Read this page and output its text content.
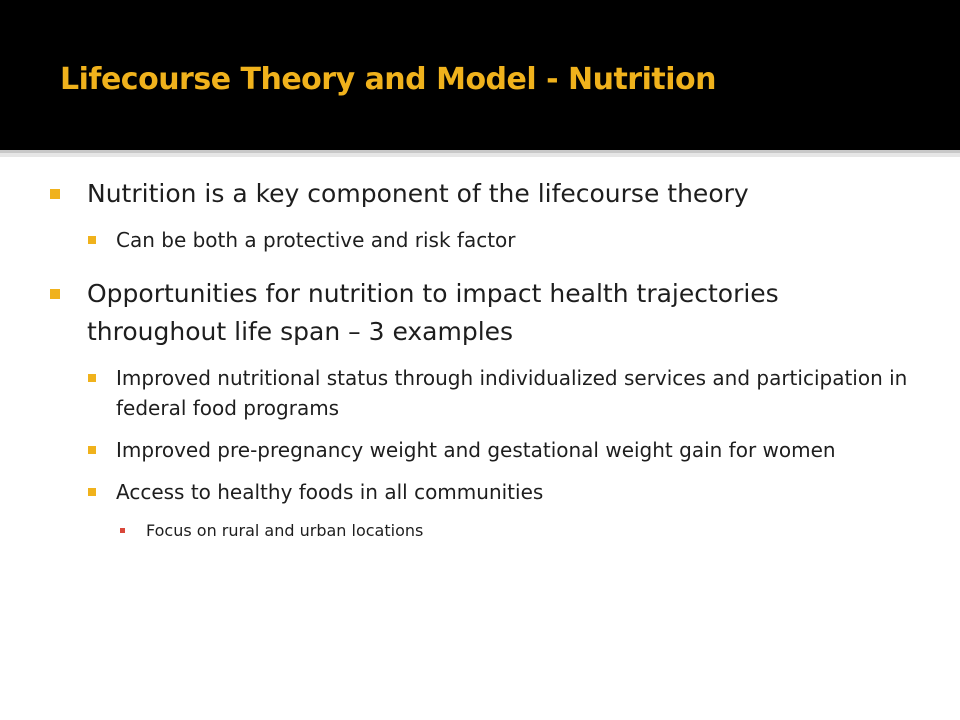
Lifecourse Theory and Model - Nutrition

Nutrition is a key component of the lifecourse theory

Can be both a protective and risk factor

Opportunities for nutrition to impact health trajectories throughout life span – 3 examples

Improved nutritional status through individualized services and participation in federal food programs

Improved pre-pregnancy weight and gestational weight gain for women

Access to healthy foods in all communities

Focus on rural and urban locations
